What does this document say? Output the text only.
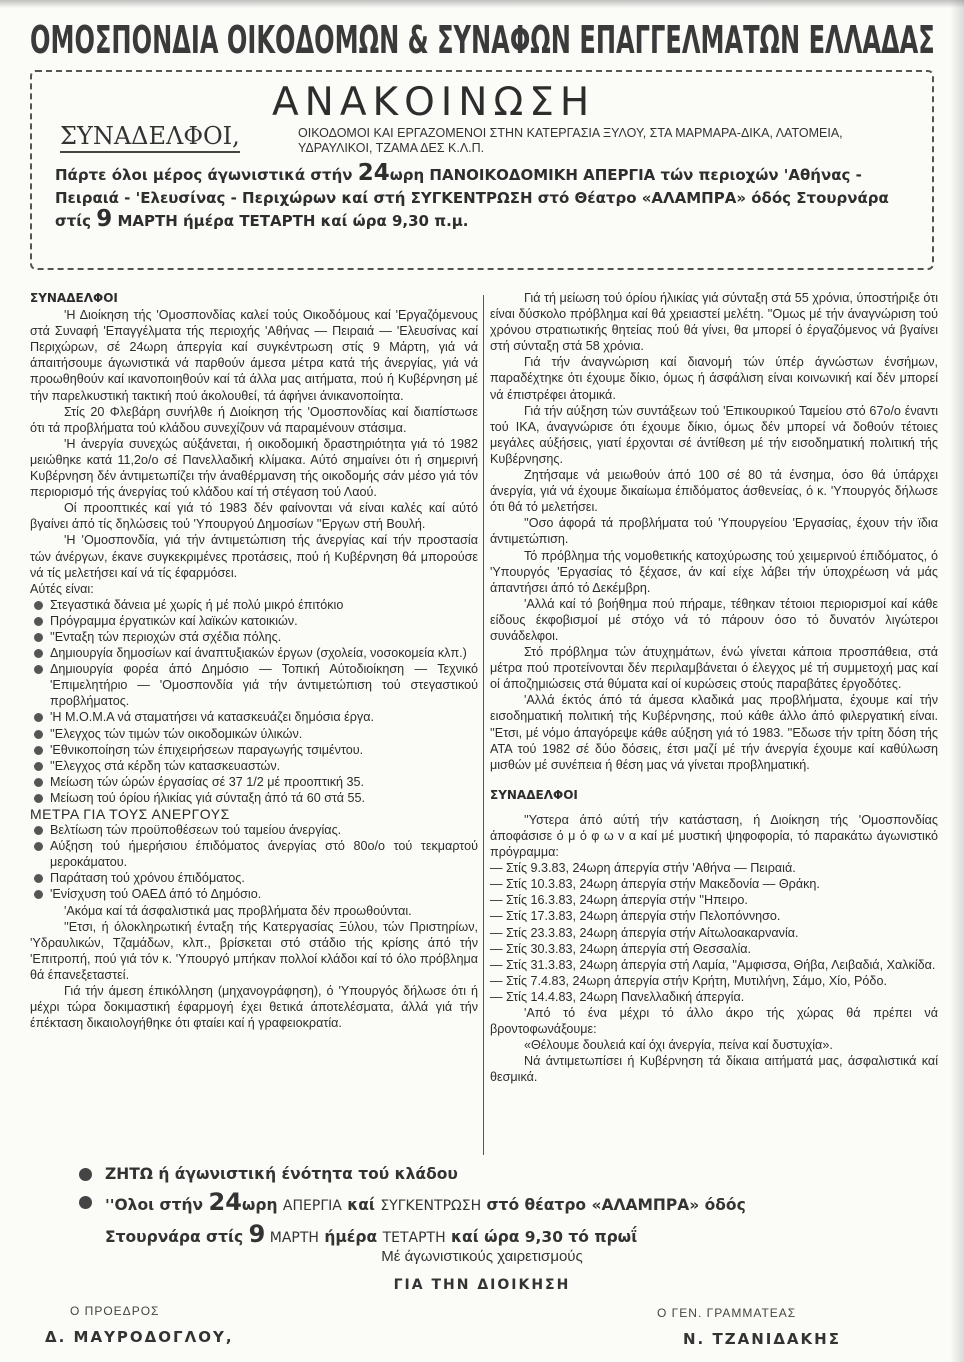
ΟΜΟΣΠΟΝΔΙΑ ΟΙΚΟΔΟΜΩΝ & ΣΥΝΑΦΩΝ ΕΠΑΓΓΕΛΜΑΤΩΝ ΕΛΛΑΔΑΣ
ΑΝΑΚΟΙΝΩΣΗ
ΣΥΝΑΔΕΛΦΟΙ,	ΟΙΚΟΔΟΜΟΙ ΚΑΙ ΕΡΓΑΖΟΜΕΝΟΙ ΣΤΗΝ ΚΑΤΕΡΓΑΣΙΑ ΞΥΛΟΥ, ΣΤΑ ΜΑΡΜΑΡΑ-ΔΙΚΑ, ΛΑΤΟΜΕΙΑ, ΥΔΡΑΥΛΙΚΟΙ, ΤΖΑΜΑ ΔΕΣ Κ.Λ.Π.
Πάρτε όλοι μέρος άγωνιστικά στήν 24ωρη ΠΑΝΟΙΚΟΔΟΜΙΚΗ ΑΠΕΡΓΙΑ τών περιοχών 'Αθήνας - Πειραιά - 'Ελευσίνας - Περιχώρων καί στή ΣΥΓΚΕΝΤΡΩΣΗ στό Θέατρο «ΑΛΑΜΠΡΑ» όδός Στουρνάρα στίς 9 ΜΑΡΤΗ ήμέρα ΤΕΤΑΡΤΗ καί ώρα 9,30 π.μ.

ΣΥΝΑΔΕΛΦΟΙ

'Η Διοίκηση τής 'Ομοσπονδίας καλεί τούς Οικοδόμους καί 'Εργαζόμενους στά Συναφή 'Επαγγέλματα τής περιοχής 'Αθήνας — Πειραιά — 'Ελευσίνας καί Περιχώρων, σέ 24ωρη άπεργία καί συγκέντρωση στίς 9 Μάρτη, γιά νά άπαιτήσουμε άγωνιστικά νά παρθούν άμεσα μέτρα κατά τής άνεργίας, γιά νά προωθηθούν καί ικανοποιηθούν καί τά άλλα μας αιτήματα, πού ή Κυβέρνηση μέ τήν παρελκυστική τακτική πού άκολουθεί, τά άφήνει άνικανοποίητα.

Στίς 20 Φλεβάρη συνήλθε ή Διοίκηση τής 'Ομοσπονδίας καί διαπίστωσε ότι τά προβλήματα τού κλάδου συνεχίζουν νά παραμένουν στάσιμα.

'Η άνεργία συνεχώς αύξάνεται, ή οικοδομική δραστηριότητα γιά τό 1982 μειώθηκε κατά 11,2ο/ο σέ Πανελλαδική κλίμακα. Αύτό σημαίνει ότι ή σημερινή Κυβέρνηση δέν άντιμετωπίζει τήν άναθέρμανση τής οικοδομής σάν μέσο γιά τόν περιορισμό τής άνεργίας τού κλάδου καί τή στέγαση τού Λαού.

Οί προοπτικές καί γιά τό 1983 δέν φαίνονται νά είναι καλές καί αύτό βγαίνει άπό τίς δηλώσεις τού 'Υπουργού Δημοσίων ''Εργων στή Βουλή.

'Η 'Ομοσπονδία, γιά τήν άντιμετώπιση τής άνεργίας καί τήν προστασία τών άνέργων, έκανε συγκεκριμένες προτάσεις, πού ή Κυβέρνηση θά μπορούσε νά τίς μελετήσει καί νά τίς έφαρμόσει.

Αύτές είναι:

Στεγαστικά δάνεια μέ χωρίς ή μέ πολύ μικρό έπιτόκιο
Πρόγραμμα έργατικών καί λαϊκών κατοικιών.
''Ενταξη τών περιοχών στά σχέδια πόλης.
Δημιουργία δημοσίων καί άναπτυξιακών έργων (σχολεία, νοσοκομεία κλπ.)
Δημιουργία φορέα άπό Δημόσιο — Τοπική Αύτοδιοίκηση — Τεχνικό 'Επιμελητήριο — 'Ομοσπονδία γιά τήν άντιμετώπιση τού στεγαστικού προβλήματος.
'Η Μ.Ο.Μ.Α νά σταματήσει νά κατασκευάζει δημόσια έργα.
''Ελεγχος τών τιμών τών οικοδομικών ύλικών.
'Εθνικοποίηση τών έπιχειρήσεων παραγωγής τσιμέντου.
''Ελεγχος στά κέρδη τών κατασκευαστών.
Μείωση τών ώρών έργασίας σέ 37 1/2 μέ προοπτική 35.
Μείωση τού όρίου ήλικίας γιά σύνταξη άπό τά 60 στά 55.

ΜΕΤΡΑ ΓΙΑ ΤΟΥΣ ΑΝΕΡΓΟΥΣ

Βελτίωση τών προϋποθέσεων τού ταμείου άνεργίας.
Αύξηση τού ήμερήσιου έπιδόματος άνεργίας στό 80ο/ο τού τεκμαρτού μεροκάματου.
Παράταση τού χρόνου έπιδόματος.
'Ενίσχυση τού ΟΑΕΔ άπό τό Δημόσιο.

'Ακόμα καί τά άσφαλιστικά μας προβλήματα δέν προωθούνται.

''Ετσι, ή όλοκληρωτική ένταξη τής Κατεργασίας Ξύλου, τών Πριστηρίων, 'Υδραυλικών, Τζαμάδων, κλπ., βρίσκεται στό στάδιο τής κρίσης άπό τήν 'Επιτροπή, πού γιά τόν κ. 'Υπουργό μπήκαν πολλοί κλάδοι καί τό όλο πρόβλημα θά έπανεξεταστεί.

Γιά τήν άμεση έπικόλληση (μηχανογράφηση), ό 'Υπουργός δήλωσε ότι ή μέχρι τώρα δοκιμαστική έφαρμογή έχει θετικά άποτελέσματα, άλλά γιά τήν έπέκταση δικαιολογήθηκε ότι φταίει καί ή γραφειοκρατία.

Γιά τή μείωση τού όρίου ήλικίας γιά σύνταξη στά 55 χρόνια, ύποστήριξε ότι είναι δύσκολο πρόβλημα καί θά χρειαστεί μελέτη. ''Ομως μέ τήν άναγνώριση τού χρόνου στρατιωτικής θητείας πού θά γίνει, θα μπορεί ό έργαζόμενος νά βγαίνει στή σύνταξη στά 58 χρόνια.

Γιά τήν άναγνώριση καί διανομή τών ύπέρ άγνώστων ένσήμων, παραδέχτηκε ότι έχουμε δίκιο, όμως ή άσφάλιση είναι κοινωνική καί δέν μπορεί νά έπιστρέφει άτομικά.

Γιά τήν αύξηση τών συντάξεων τού 'Επικουρικού Ταμείου στό 67ο/ο έναντι τού ΙΚΑ, άναγνώρισε ότι έχουμε δίκιο, όμως δέν μπορεί νά δοθούν τέτοιες μεγάλες αύξήσεις, γιατί έρχονται σέ άντίθεση μέ τήν εισοδηματική πολιτική τής Κυβέρνησης.

Ζητήσαμε νά μειωθούν άπό 100 σέ 80 τά ένσημα, όσο θά ύπάρχει άνεργία, γιά νά έχουμε δικαίωμα έπιδόματος άσθενείας, ό κ. 'Υπουργός δήλωσε ότι θά τό μελετήσει.

''Οσο άφορά τά προβλήματα τού 'Υπουργείου 'Εργασίας, έχουν τήν ϊδια άντιμετώπιση.

Τό πρόβλημα τής νομοθετικής κατοχύρωσης τού χειμερινού έπιδόματος, ό 'Υπουργός 'Εργασίας τό ξέχασε, άν καί είχε λάβει τήν ύποχρέωση νά μάς άπαντήσει άπό τό Δεκέμβρη.

'Αλλά καί τό βοήθημα πού πήραμε, τέθηκαν τέτοιοι περιορισμοί καί κάθε είδους έκφοβισμοί μέ στόχο νά τό πάρουν όσο τό δυνατόν λιγώτεροι συνάδελφοι.

Στό πρόβλημα τών άτυχημάτων, ένώ γίνεται κάποια προσπάθεια, στά μέτρα πού προτείνονται δέν περιλαμβάνεται ό έλεγχος μέ τή συμμετοχή μας καί οί άποζημιώσεις στά θύματα καί οί κυρώσεις στούς παραβάτες έργοδότες.

'Αλλά έκτός άπό τά άμεσα κλαδικά μας προβλήματα, έχουμε καί τήν εισοδηματική πολιτική τής Κυβέρνησης, πού κάθε άλλο άπό φιλεργατική είναι. ''Ετσι, μέ νόμο άπαγόρεψε κάθε αύξηση γιά τό 1983. ''Εδωσε τήν τρίτη δόση τής ΑΤΑ τού 1982 σέ δύο δόσεις, έτσι μαζί μέ τήν άνεργία έχουμε καί καθύλωση μισθών μέ συνέπεια ή θέση μας νά γίνεται προβληματική.

ΣΥΝΑΔΕΛΦΟΙ

''Υστερα άπό αύτή τήν κατάσταση, ή Διοίκηση τής 'Ομοσπονδίας άποφάσισε ό μ ό φ ω ν α καί μέ μυστική ψηφοφορία, τό παρακάτω άγωνιστικό πρόγραμμα:

— Στίς 9.3.83, 24ωρη άπεργία στήν 'Αθήνα — Πειραιά.
— Στίς 10.3.83, 24ωρη άπεργία στήν Μακεδονία — Θράκη.
— Στίς 16.3.83, 24ωρη άπεργία στήν ''Ηπειρο.
— Στίς 17.3.83, 24ωρη άπεργία στήν Πελοπόννησο.
— Στίς 23.3.83, 24ωρη άπεργία στήν Αίτωλοακαρνανία.
— Στίς 30.3.83, 24ωρη άπεργία στή Θεσσαλία.
— Στίς 31.3.83, 24ωρη άπεργία στή Λαμία, ''Αμφισσα, Θήβα, Λειβαδιά, Χαλκίδα.
— Στίς 7.4.83, 24ωρη άπεργία στήν Κρήτη, Μυτιλήνη, Σάμο, Χίο, Ρόδο.
— Στίς 14.4.83, 24ωρη Πανελλαδική άπεργία.

'Από τό ένα μέχρι τό άλλο άκρο τής χώρας θά πρέπει νά βροντοφωνάξουμε:

«Θέλουμε δουλειά καί όχι άνεργία, πείνα καί δυστυχία».

Νά άντιμετωπίσει ή Κυβέρνηση τά δίκαια αιτήματά μας, άσφαλιστικά καί θεσμικά.

ΖΗΤΩ ή άγωνιστική ένότητα τού κλάδου
''Ολοι στήν 24ωρη ΑΠΕΡΓΙΑ καί ΣΥΓΚΕΝΤΡΩΣΗ στό θέατρο «ΑΛΑΜΠΡΑ» όδός
Στουρνάρα στίς 9 ΜΑΡΤΗ ήμέρα ΤΕΤΑΡΤΗ καί ώρα 9,30 τό πρωΐ
Μέ άγωνιστικούς χαιρετισμούς
ΓΙΑ ΤΗΝ ΔΙΟΙΚΗΣΗ
Ο ΠΡΟΕΔΡΟΣ
Δ. ΜΑΥΡΟΔΟΓΛΟΥ,
Ο ΓΕΝ. ΓΡΑΜΜΑΤΕΑΣ
Ν. ΤΖΑΝΙΔΑΚΗΣ
